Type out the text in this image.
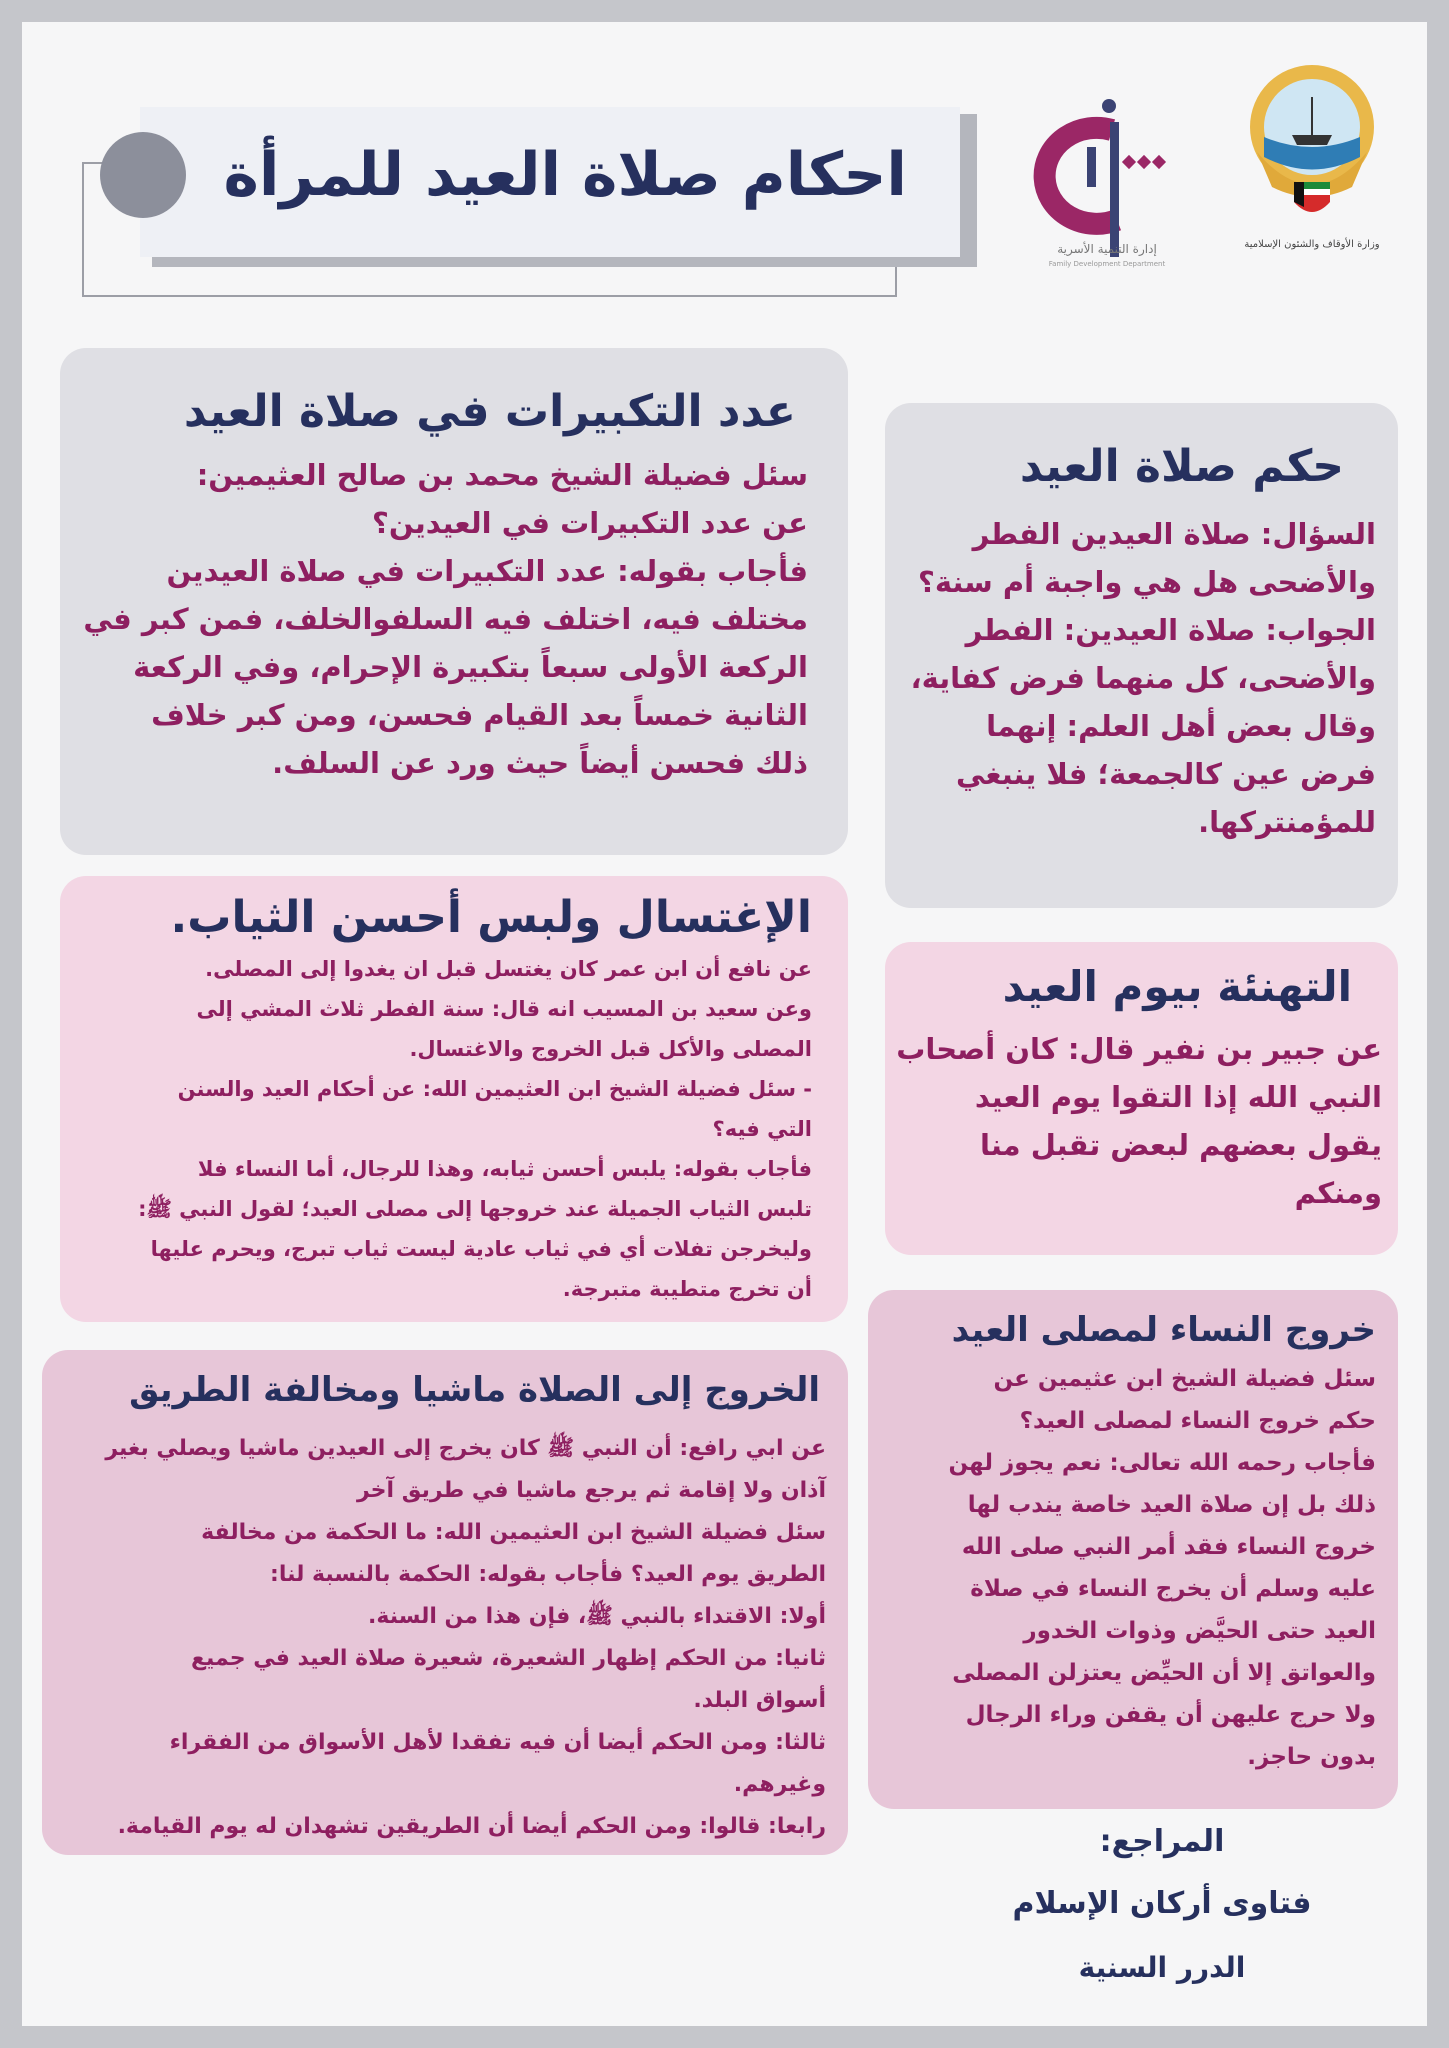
احكام صلاة العيد للمرأة
إدارة التنمية الأسرية
Family Development Department
وزارة الأوقاف والشئون الإسلامية
عدد التكبيرات في صلاة العيد
سئل فضيلة الشيخ محمد بن صالح العثيمين:
عن عدد التكبيرات في العيدين؟
فأجاب بقوله: عدد التكبيرات في صلاة العيدين
مختلف فيه، اختلف فيه السلفوالخلف، فمن كبر في
الركعة الأولى سبعاً بتكبيرة الإحرام، وفي الركعة
الثانية خمساً بعد القيام فحسن، ومن كبر خلاف
ذلك فحسن أيضاً حيث ورد عن السلف.
حكم صلاة العيد
السؤال: صلاة العيدين الفطر
والأضحى هل هي واجبة أم سنة؟
الجواب: صلاة العيدين: الفطر
والأضحى، كل منهما فرض كفاية،
وقال بعض أهل العلم: إنهما
فرض عين كالجمعة؛ فلا ينبغي
للمؤمنتركها.
الإغتسال ولبس أحسن الثياب.
عن نافع أن ابن عمر كان يغتسل قبل ان يغدوا إلى المصلى.
وعن سعيد بن المسيب انه قال: سنة الفطر ثلاث المشي إلى
المصلى والأكل قبل الخروج والاغتسال.
- سئل فضيلة الشيخ ابن العثيمين الله: عن أحكام العيد والسنن
التي فيه؟
فأجاب بقوله: يلبس أحسن ثيابه، وهذا للرجال، أما النساء فلا
تلبس الثياب الجميلة عند خروجها إلى مصلى العيد؛ لقول النبي ﷺ:
وليخرجن تفلات أي في ثياب عادية ليست ثياب تبرج، ويحرم عليها
أن تخرج متطيبة متبرجة.
التهنئة بيوم العيد
عن جبير بن نفير قال: كان أصحاب
النبي الله إذا التقوا يوم العيد
يقول بعضهم لبعض تقبل منا
ومنكم
الخروج إلى الصلاة ماشيا ومخالفة الطريق
عن ابي رافع: أن النبي ﷺ كان يخرج إلى العيدين ماشيا ويصلي بغير
آذان ولا إقامة ثم يرجع ماشيا في طريق آخر
سئل فضيلة الشيخ ابن العثيمين الله: ما الحكمة من مخالفة
الطريق يوم العيد؟ فأجاب بقوله: الحكمة بالنسبة لنا:
أولا: الاقتداء بالنبي ﷺ، فإن هذا من السنة.
ثانيا: من الحكم إظهار الشعيرة، شعيرة صلاة العيد في جميع
أسواق البلد.
ثالثا: ومن الحكم أيضا أن فيه تفقدا لأهل الأسواق من الفقراء
وغيرهم.
رابعا: قالوا: ومن الحكم أيضا أن الطريقين تشهدان له يوم القيامة.
خروج النساء لمصلى العيد
سئل فضيلة الشيخ ابن عثيمين عن
حكم خروج النساء لمصلى العيد؟
فأجاب رحمه الله تعالى: نعم يجوز لهن
ذلك بل إن صلاة العيد خاصة يندب لها
خروج النساء فقد أمر النبي صلى الله
عليه وسلم أن يخرج النساء في صلاة
العيد حتى الحيَّض وذوات الخدور
والعواتق إلا أن الحيِّض يعتزلن المصلى
ولا حرج عليهن أن يقفن وراء الرجال
بدون حاجز.
المراجع:
فتاوى أركان الإسلام
الدرر السنية
